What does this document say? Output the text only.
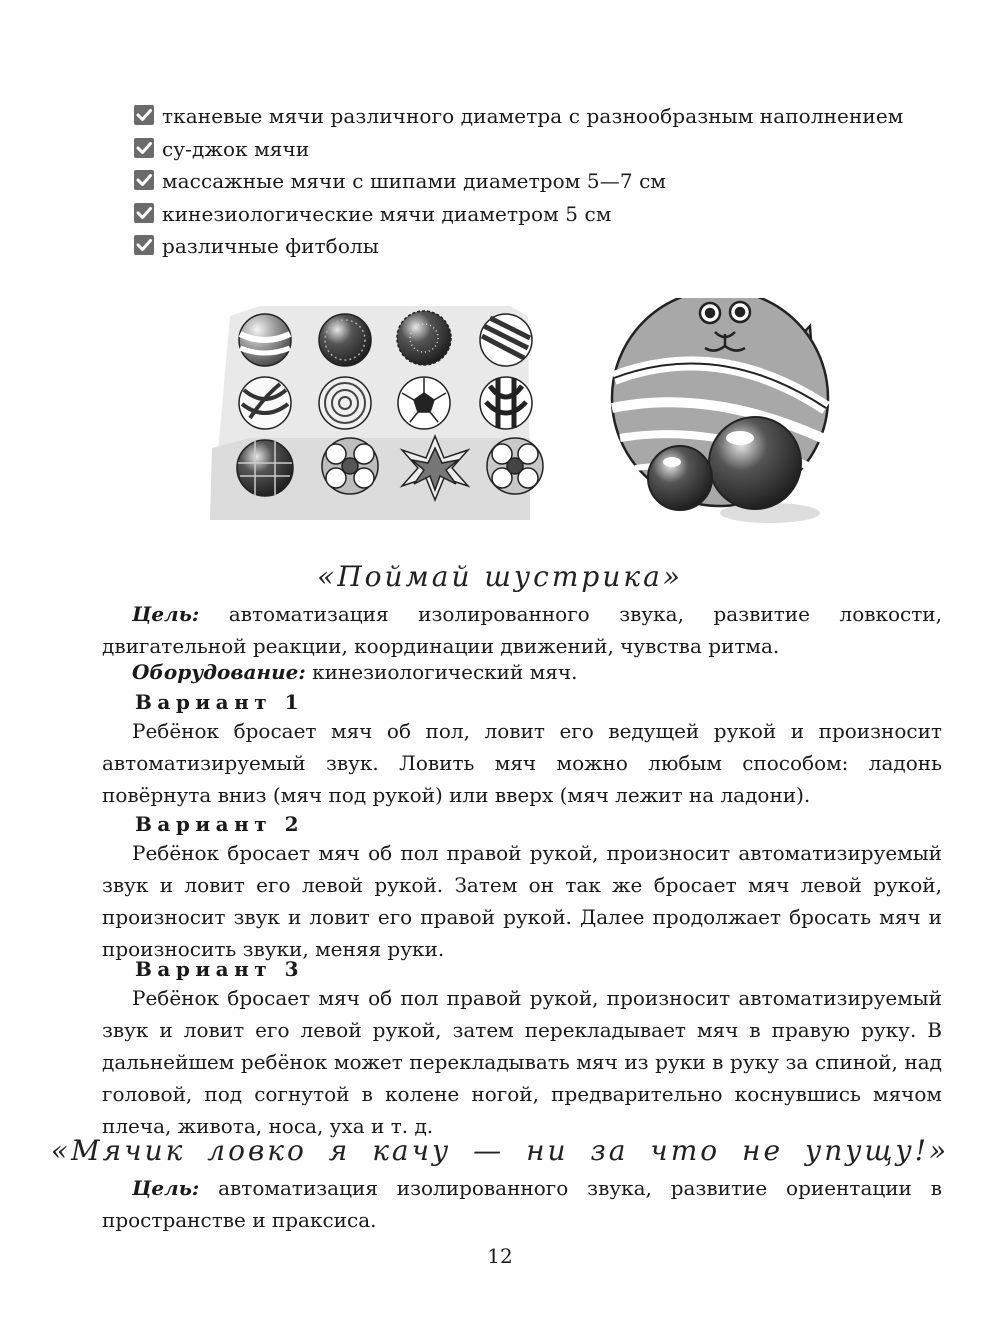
тканевые мячи различного диаметра с разнообразным наполнением
су-джок мячи
массажные мячи с шипами диаметром 5—7 см
кинезиологические мячи диаметром 5 см
различные фитболы
«Поймай шустрика»
Цель: автоматизация изолированного звука, развитие ловкости, двигательной реакции, координации движений, чувства ритма.
Оборудование: кинезиологический мяч.
Вариант 1
Ребёнок бросает мяч об пол, ловит его ведущей рукой и произносит автоматизируемый звук. Ловить мяч можно любым способом: ладонь повёрнута вниз (мяч под рукой) или вверх (мяч лежит на ладони).
Вариант 2
Ребёнок бросает мяч об пол правой рукой, произносит автоматизируемый звук и ловит его левой рукой. Затем он так же бросает мяч левой рукой, произносит звук и ловит его правой рукой. Далее продолжает бросать мяч и произносить звуки, меняя руки.
Вариант 3
Ребёнок бросает мяч об пол правой рукой, произносит автоматизируемый звук и ловит его левой рукой, затем перекладывает мяч в правую руку. В дальнейшем ребёнок может перекладывать мяч из руки в руку за спиной, над головой, под согнутой в колене ногой, предварительно коснувшись мячом плеча, живота, носа, уха и т. д.
«Мячик ловко я качу — ни за что не упущу!»
Цель: автоматизация изолированного звука, развитие ориентации в пространстве и праксиса.
12
